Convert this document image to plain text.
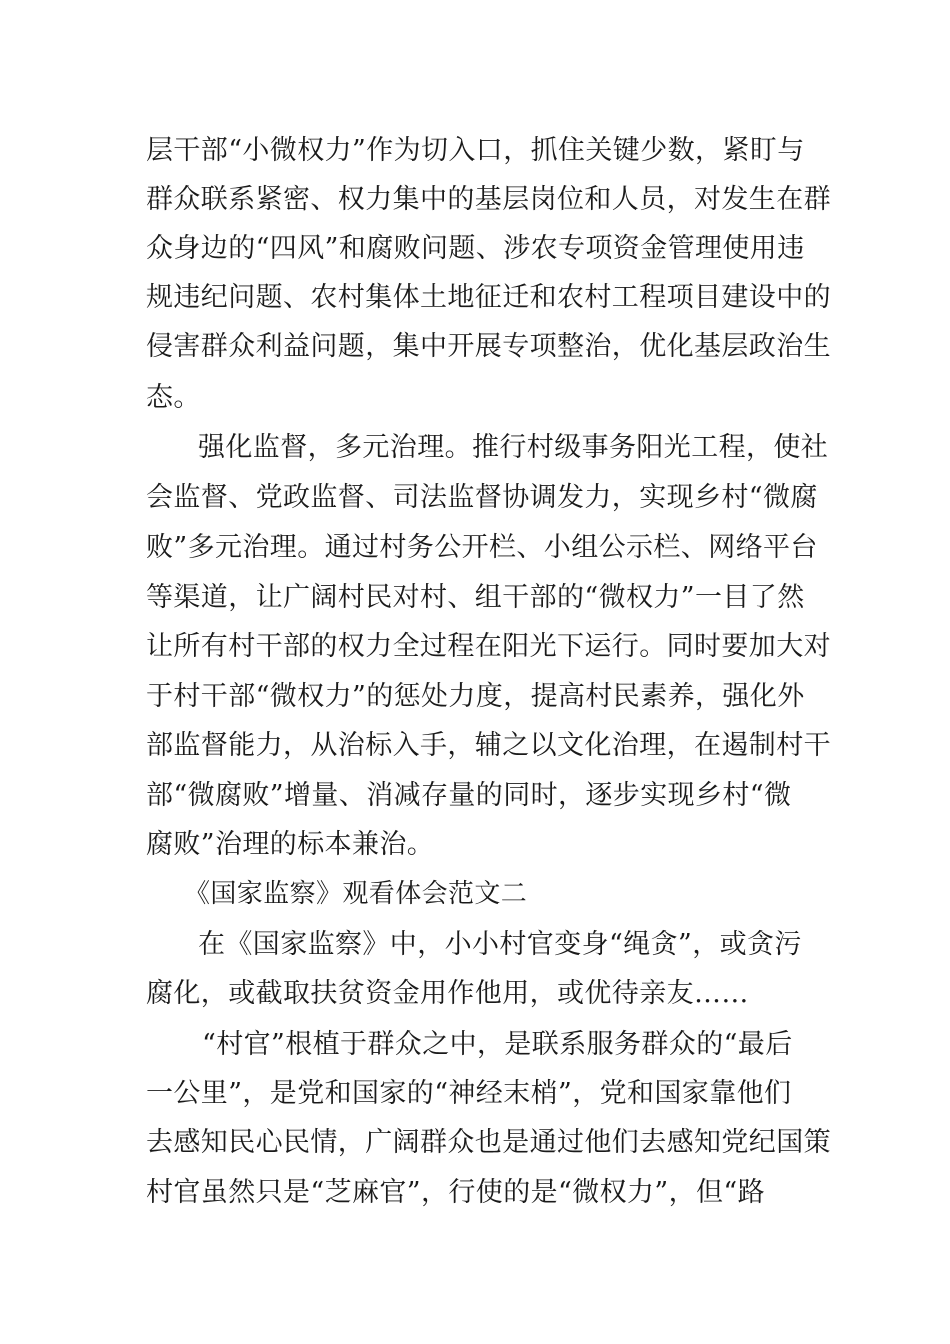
层干部“小微权力”作为切入口，抓住关键少数，紧盯与
群众联系紧密、权力集中的基层岗位和人员，对发生在群
众身边的“四风”和腐败问题、涉农专项资金管理使用违
规违纪问题、农村集体土地征迁和农村工程项目建设中的
侵害群众利益问题，集中开展专项整治，优化基层政治生
态。
强化监督，多元治理。推行村级事务阳光工程，使社
会监督、党政监督、司法监督协调发力，实现乡村“微腐
败”多元治理。通过村务公开栏、小组公示栏、网络平台
等渠道，让广阔村民对村、组干部的“微权力”一目了然
让所有村干部的权力全过程在阳光下运行。同时要加大对
于村干部“微权力”的惩处力度，提高村民素养，强化外
部监督能力，从治标入手，辅之以文化治理，在遏制村干
部“微腐败”增量、消减存量的同时，逐步实现乡村“微
腐败”治理的标本兼治。
《国家监察》观看体会范文二
在《国家监察》中，小小村官变身“绳贪”，或贪污
腐化，或截取扶贫资金用作他用，或优待亲友……
“村官”根植于群众之中，是联系服务群众的“最后
一公里”，是党和国家的“神经末梢”，党和国家靠他们
去感知民心民情，广阔群众也是通过他们去感知党纪国策
村官虽然只是“芝麻官”，行使的是“微权力”，但“路
